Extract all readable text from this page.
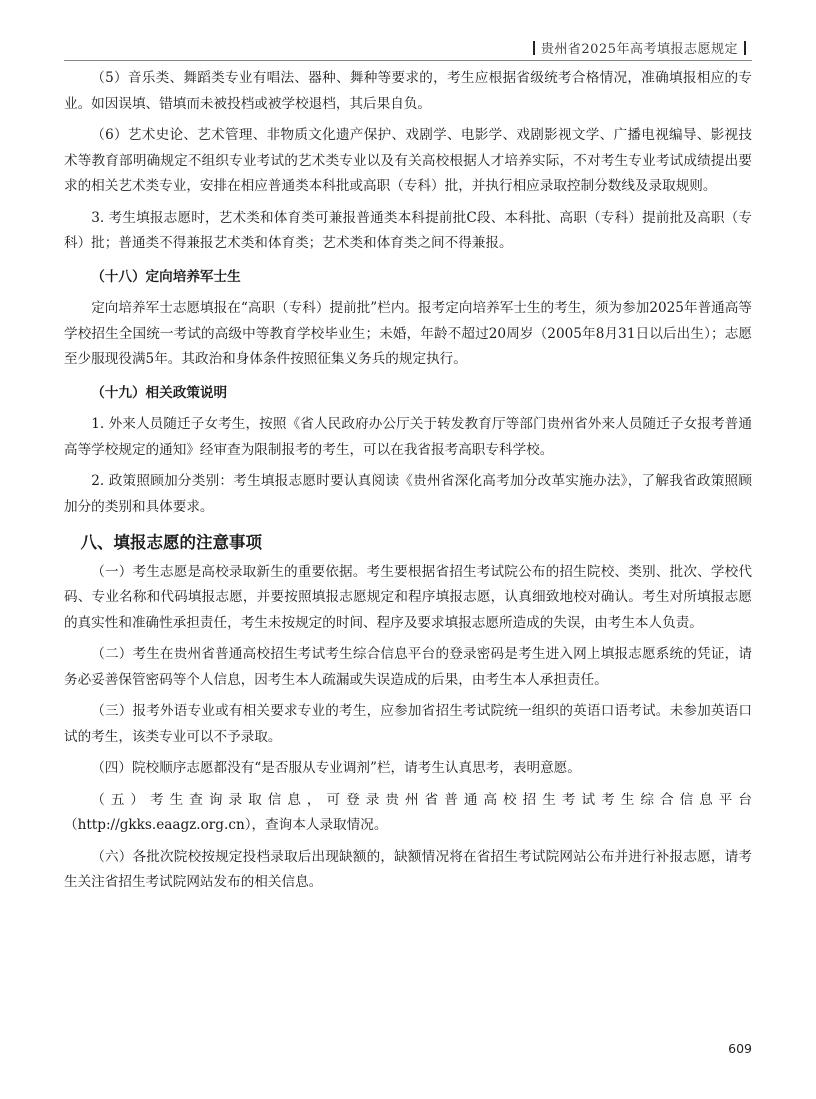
贵州省2025年高考填报志愿规定

（5）音乐类、舞蹈类专业有唱法、器种、舞种等要求的，考生应根据省级统考合格情况，准确填报相应的专业。如因误填、错填而未被投档或被学校退档，其后果自负。

（6）艺术史论、艺术管理、非物质文化遗产保护、戏剧学、电影学、戏剧影视文学、广播电视编导、影视技术等教育部明确规定不组织专业考试的艺术类专业以及有关高校根据人才培养实际，不对考生专业考试成绩提出要求的相关艺术类专业，安排在相应普通类本科批或高职（专科）批，并执行相应录取控制分数线及录取规则。

3. 考生填报志愿时，艺术类和体育类可兼报普通类本科提前批C段、本科批、高职（专科）提前批及高职（专科）批；普通类不得兼报艺术类和体育类；艺术类和体育类之间不得兼报。

（十八）定向培养军士生

定向培养军士志愿填报在“高职（专科）提前批”栏内。报考定向培养军士生的考生，须为参加2025年普通高等学校招生全国统一考试的高级中等教育学校毕业生；未婚，年龄不超过20周岁（2005年8月31日以后出生）；志愿至少服现役满5年。其政治和身体条件按照征集义务兵的规定执行。

（十九）相关政策说明

1. 外来人员随迁子女考生，按照《省人民政府办公厅关于转发教育厅等部门贵州省外来人员随迁子女报考普通高等学校规定的通知》经审查为限制报考的考生，可以在我省报考高职专科学校。

2. 政策照顾加分类别：考生填报志愿时要认真阅读《贵州省深化高考加分改革实施办法》，了解我省政策照顾加分的类别和具体要求。

八、填报志愿的注意事项

（一）考生志愿是高校录取新生的重要依据。考生要根据省招生考试院公布的招生院校、类别、批次、学校代码、专业名称和代码填报志愿，并要按照填报志愿规定和程序填报志愿，认真细致地校对确认。考生对所填报志愿的真实性和准确性承担责任，考生未按规定的时间、程序及要求填报志愿所造成的失误，由考生本人负责。

（二）考生在贵州省普通高校招生考试考生综合信息平台的登录密码是考生进入网上填报志愿系统的凭证，请务必妥善保管密码等个人信息，因考生本人疏漏或失误造成的后果，由考生本人承担责任。

（三）报考外语专业或有相关要求专业的考生，应参加省招生考试院统一组织的英语口语考试。未参加英语口试的考生，该类专业可以不予录取。

（四）院校顺序志愿都没有“是否服从专业调剂”栏，请考生认真思考，表明意愿。

（五）考生查询录取信息，可登录贵州省普通高校招生考试考生综合信息平台（http://gkks.eaagz.org.cn），查询本人录取情况。

（六）各批次院校按规定投档录取后出现缺额的，缺额情况将在省招生考试院网站公布并进行补报志愿，请考生关注省招生考试院网站发布的相关信息。

609
